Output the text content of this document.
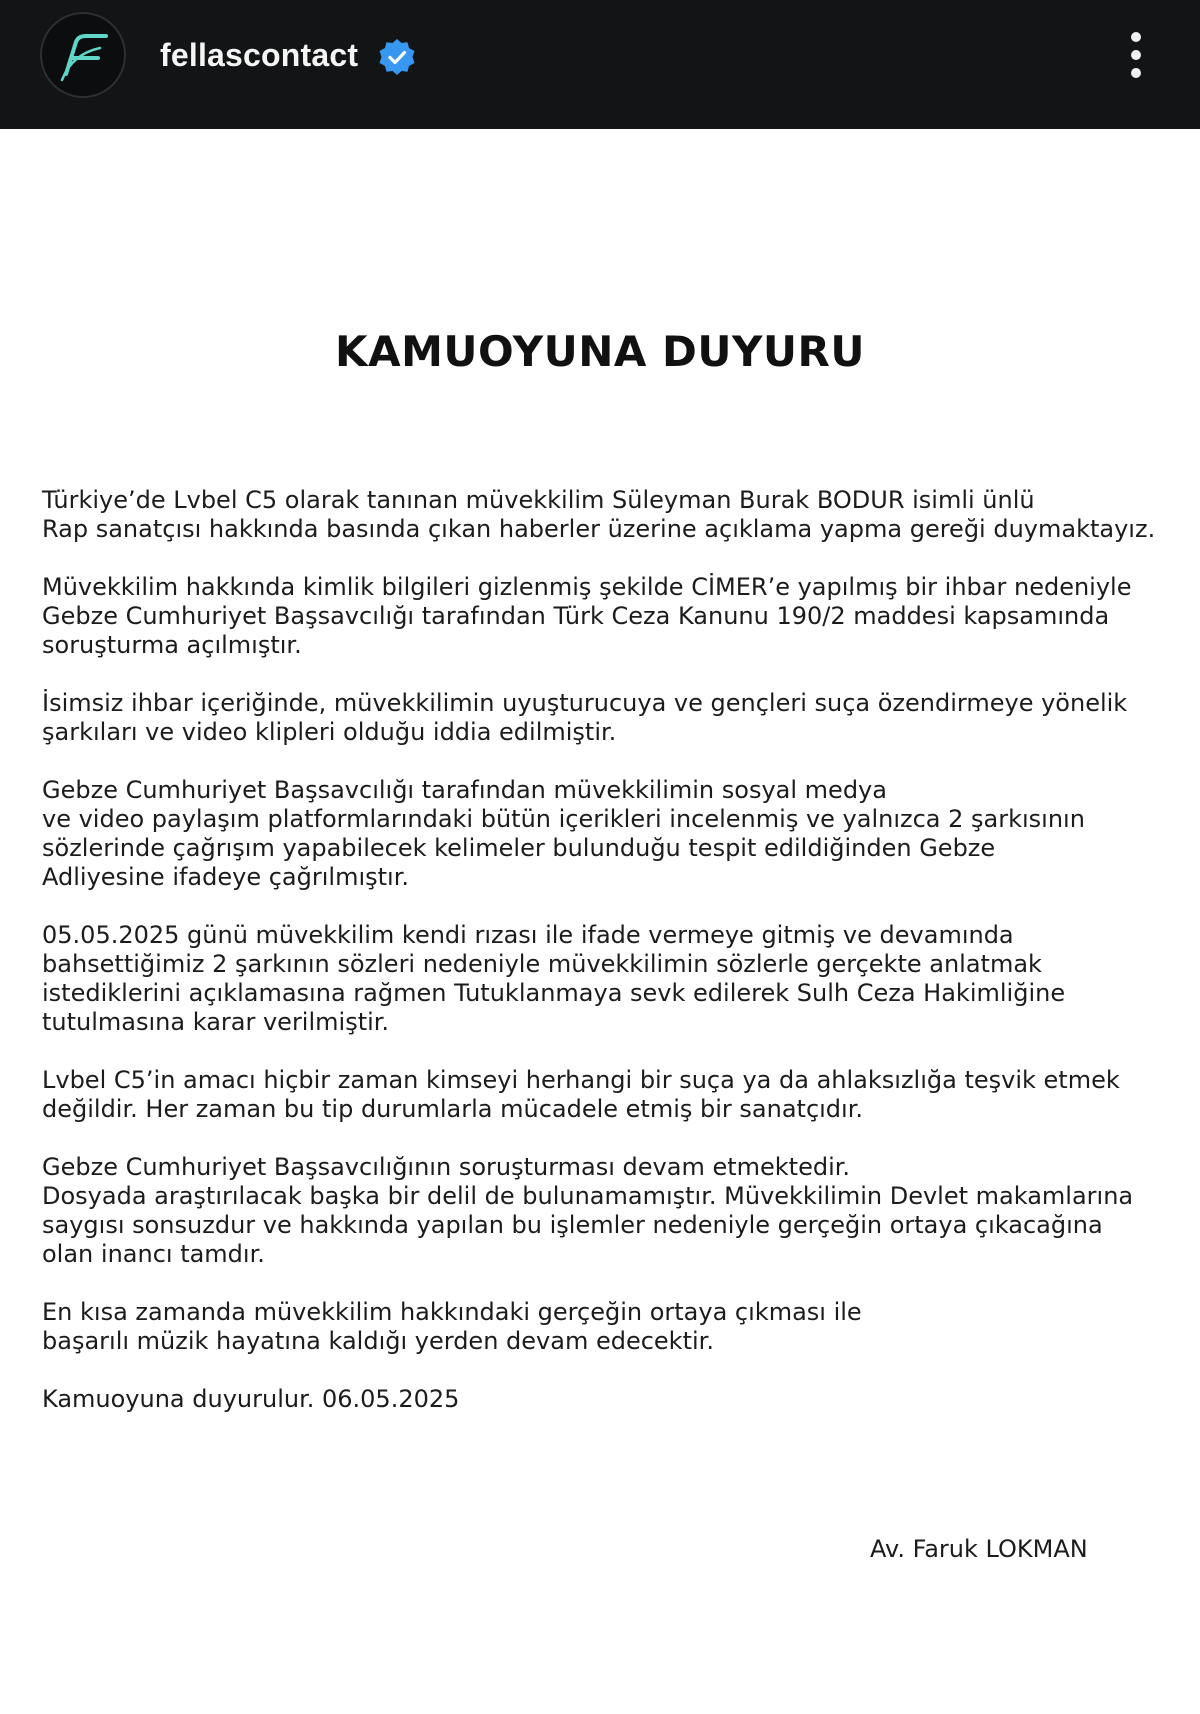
fellascontact
KAMUOYUNA DUYURU
Türkiye’de Lvbel C5 olarak tanınan müvekkilim Süleyman Burak BODUR isimli ünlü
Rap sanatçısı hakkında basında çıkan haberler üzerine açıklama yapma gereği duymaktayız.
Müvekkilim hakkında kimlik bilgileri gizlenmiş şekilde CİMER’e yapılmış bir ihbar nedeniyle
Gebze Cumhuriyet Başsavcılığı tarafından Türk Ceza Kanunu 190/2 maddesi kapsamında
soruşturma açılmıştır.
İsimsiz ihbar içeriğinde, müvekkilimin uyuşturucuya ve gençleri suça özendirmeye yönelik
şarkıları ve video klipleri olduğu iddia edilmiştir.
Gebze Cumhuriyet Başsavcılığı tarafından müvekkilimin sosyal medya
ve video paylaşım platformlarındaki bütün içerikleri incelenmiş ve yalnızca 2 şarkısının
sözlerinde çağrışım yapabilecek kelimeler bulunduğu tespit edildiğinden Gebze
Adliyesine ifadeye çağrılmıştır.
05.05.2025 günü müvekkilim kendi rızası ile ifade vermeye gitmiş ve devamında
bahsettiğimiz 2 şarkının sözleri nedeniyle müvekkilimin sözlerle gerçekte anlatmak
istediklerini açıklamasına rağmen Tutuklanmaya sevk edilerek Sulh Ceza Hakimliğine
tutulmasına karar verilmiştir.
Lvbel C5’in amacı hiçbir zaman kimseyi herhangi bir suça ya da ahlaksızlığa teşvik etmek
değildir. Her zaman bu tip durumlarla mücadele etmiş bir sanatçıdır.
Gebze Cumhuriyet Başsavcılığının soruşturması devam etmektedir.
Dosyada araştırılacak başka bir delil de bulunamamıştır. Müvekkilimin Devlet makamlarına
saygısı sonsuzdur ve hakkında yapılan bu işlemler nedeniyle gerçeğin ortaya çıkacağına
olan inancı tamdır.
En kısa zamanda müvekkilim hakkındaki gerçeğin ortaya çıkması ile
başarılı müzik hayatına kaldığı yerden devam edecektir.
Kamuoyuna duyurulur. 06.05.2025
Av. Faruk LOKMAN
